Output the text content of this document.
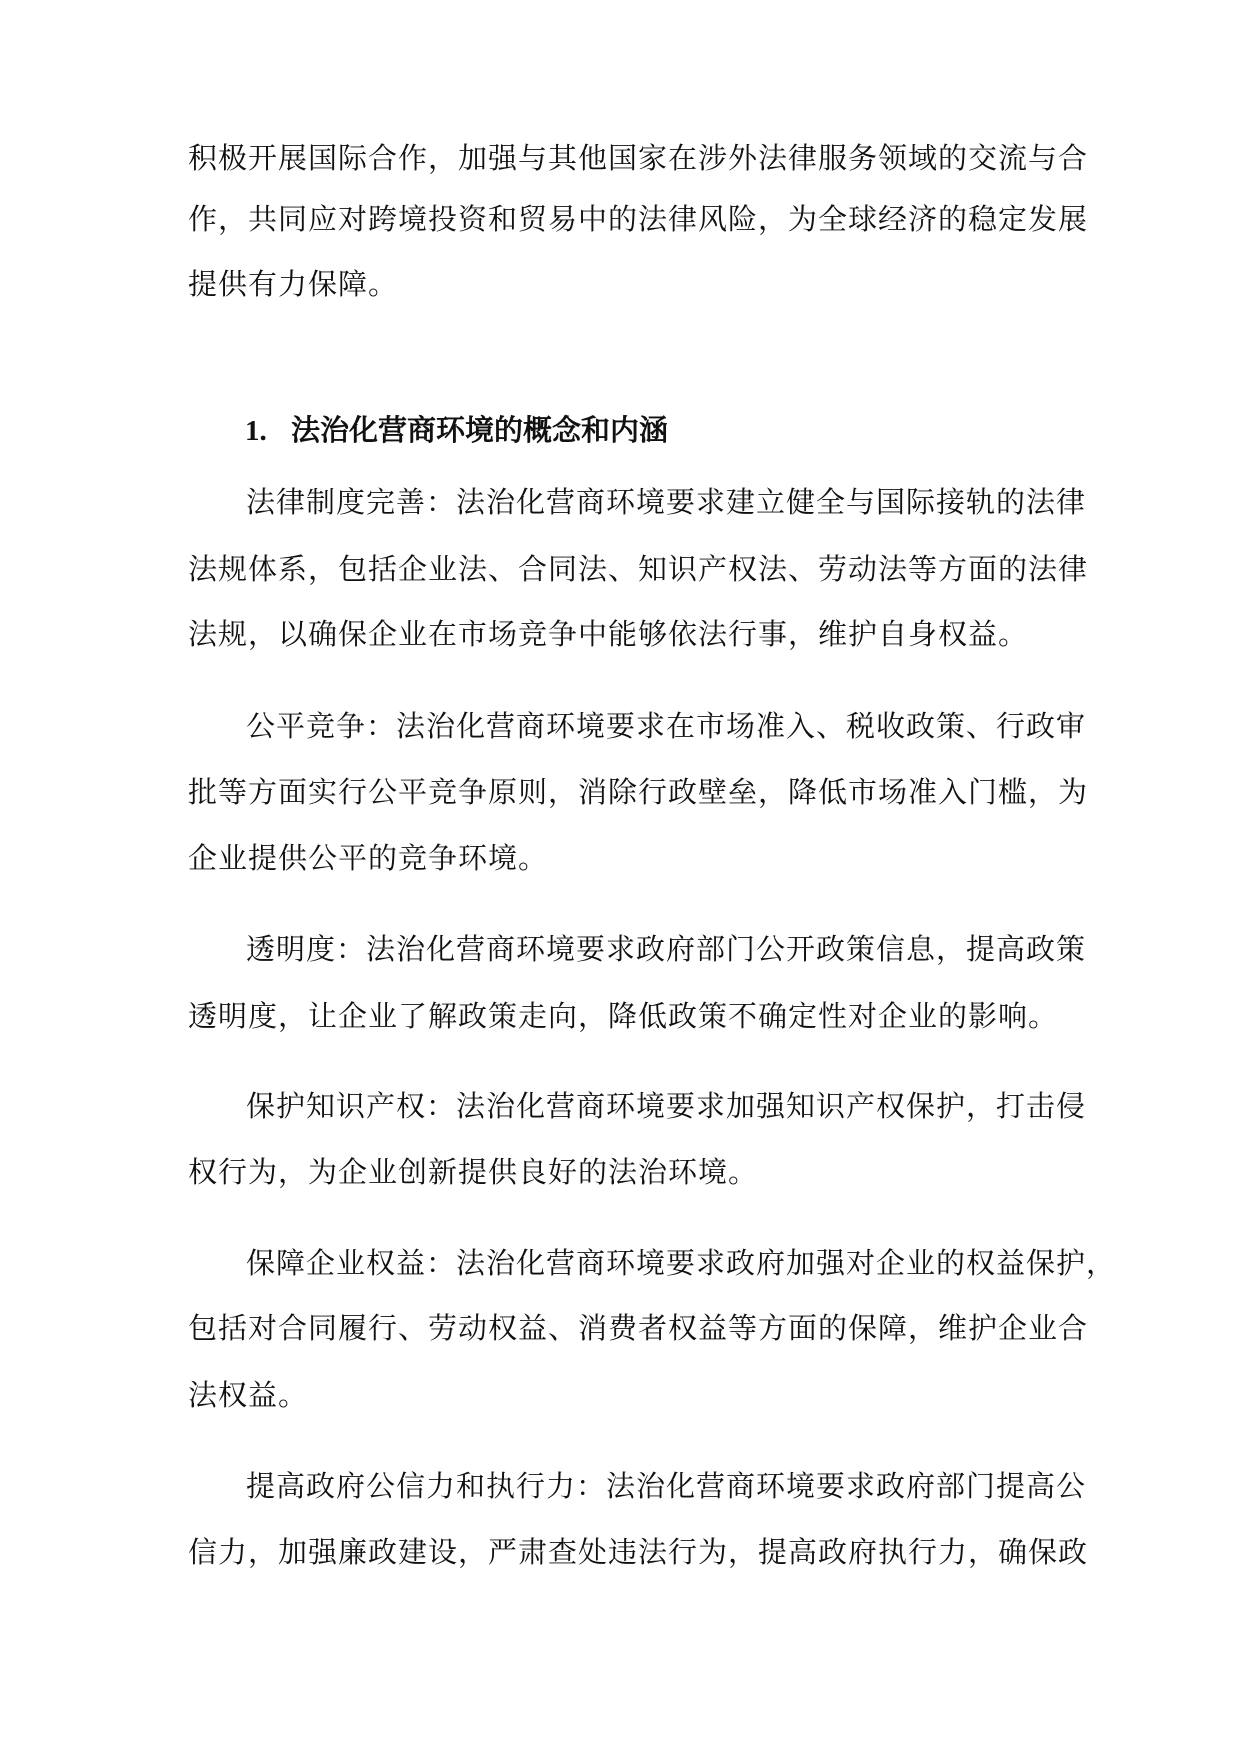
积极开展国际合作，加强与其他国家在涉外法律服务领域的交流与合
作，共同应对跨境投资和贸易中的法律风险，为全球经济的稳定发展
提供有力保障。
1. 法治化营商环境的概念和内涵
法律制度完善：法治化营商环境要求建立健全与国际接轨的法律
法规体系，包括企业法、合同法、知识产权法、劳动法等方面的法律
法规，以确保企业在市场竞争中能够依法行事，维护自身权益。
公平竞争：法治化营商环境要求在市场准入、税收政策、行政审
批等方面实行公平竞争原则，消除行政壁垒，降低市场准入门槛，为
企业提供公平的竞争环境。
透明度：法治化营商环境要求政府部门公开政策信息，提高政策
透明度，让企业了解政策走向，降低政策不确定性对企业的影响。
保护知识产权：法治化营商环境要求加强知识产权保护，打击侵
权行为，为企业创新提供良好的法治环境。
保障企业权益：法治化营商环境要求政府加强对企业的权益保护，
包括对合同履行、劳动权益、消费者权益等方面的保障，维护企业合
法权益。
提高政府公信力和执行力：法治化营商环境要求政府部门提高公
信力，加强廉政建设，严肃查处违法行为，提高政府执行力，确保政
